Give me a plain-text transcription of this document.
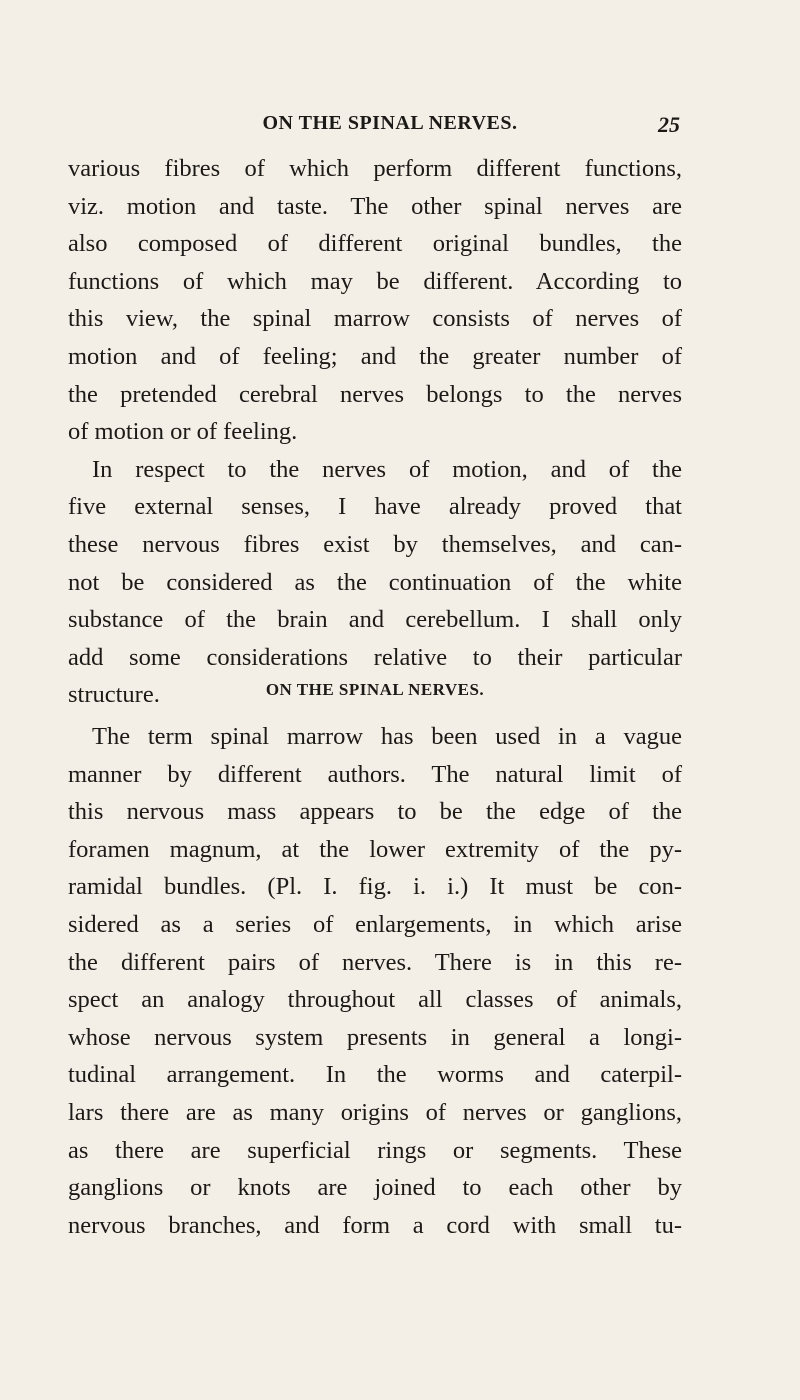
ON THE SPINAL NERVES.	25
various fibres of which perform different functions,
viz. motion and taste. The other spinal nerves are
also composed of different original bundles, the
functions of which may be different. According to
this view, the spinal marrow consists of nerves of
motion and of feeling; and the greater number of
the pretended cerebral nerves belongs to the nerves
of motion or of feeling.
In respect to the nerves of motion, and of the
five external senses, I have already proved that
these nervous fibres exist by themselves, and can-
not be considered as the continuation of the white
substance of the brain and cerebellum. I shall only
add some considerations relative to their particular
structure.	ON THE SPINAL NERVES.
The term spinal marrow has been used in a vague
manner by different authors. The natural limit of
this nervous mass appears to be the edge of the
foramen magnum, at the lower extremity of the py-
ramidal bundles. (Pl. I. fig. i. i.) It must be con-
sidered as a series of enlargements, in which arise
the different pairs of nerves. There is in this re-
spect an analogy throughout all classes of animals,
whose nervous system presents in general a longi-
tudinal arrangement. In the worms and caterpil-
lars there are as many origins of nerves or ganglions,
as there are superficial rings or segments. These
ganglions or knots are joined to each other by
nervous branches, and form a cord with small tu-
